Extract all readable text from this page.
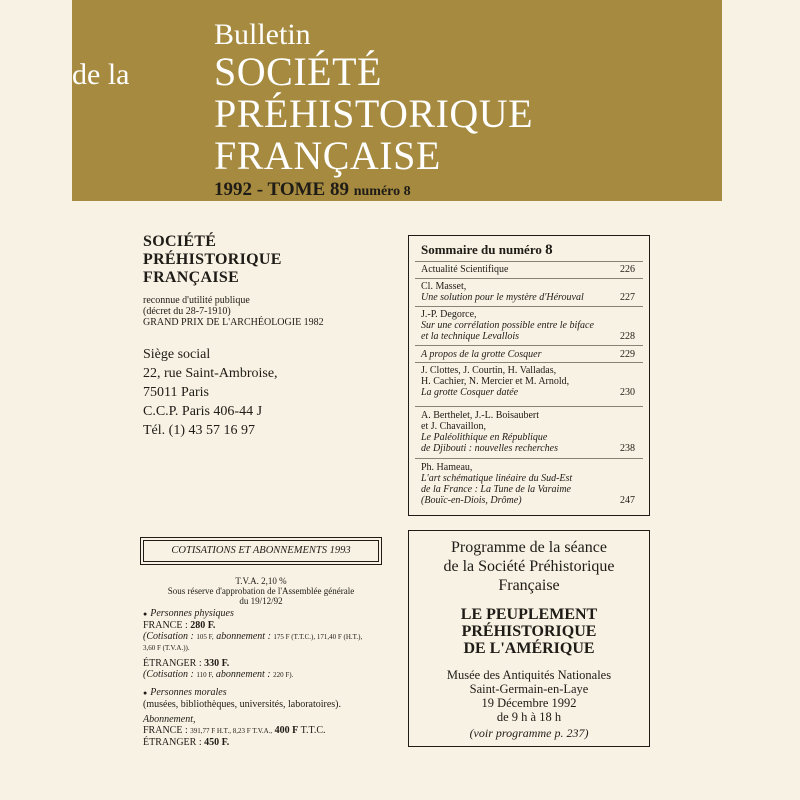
Bulletin
de la SOCIÉTÉ
PRÉHISTORIQUE
FRANÇAISE
1992 - TOME 89 numéro 8
SOCIÉTÉ
PRÉHISTORIQUE
FRANÇAISE
reconnue d'utilité publique
(décret du 28-7-1910)
GRAND PRIX DE L'ARCHÉOLOGIE 1982
Siège social
22, rue Saint-Ambroise,
75011 Paris
C.C.P. Paris 406-44 J
Tél. (1) 43 57 16 97
COTISATIONS ET ABONNEMENTS 1993
T.V.A. 2,10 %
Sous réserve d'approbation de l'Assemblée générale
du 19/12/92
● Personnes physiques
FRANCE : 280 F.
(Cotisation : 105 F, abonnement : 175 F (T.T.C.), 171,40 F (H.T.),
3,60 F (T.V.A.)).
ÉTRANGER : 330 F.
(Cotisation : 110 F, abonnement : 220 F).
● Personnes morales
(musées, bibliothèques, universités, laboratoires).
Abonnement,
FRANCE : 391,77 F H.T., 8,23 F T.V.A., 400 F T.T.C.
ÉTRANGER : 450 F.
Sommaire du numéro 8
Actualité Scientifique	226
Cl. Masset,
Une solution pour le mystère d'Hérouval	227
J.-P. Degorce,
Sur une corrélation possible entre le biface
et la technique Levallois	228
A propos de la grotte Cosquer	229
J. Clottes, J. Courtin, H. Valladas,
H. Cachier, N. Mercier et M. Arnold,
La grotte Cosquer datée	230
A. Berthelet, J.-L. Boisaubert
et J. Chavaillon,
Le Paléolithique en République
de Djibouti : nouvelles recherches	238
Ph. Hameau,
L'art schématique linéaire du Sud-Est
de la France : La Tune de la Varaime
(Bouïc-en-Diois, Drôme)	247
Programme de la séance
de la Société Préhistorique
Française
LE PEUPLEMENT
PRÉHISTORIQUE
DE L'AMÉRIQUE
Musée des Antiquités Nationales
Saint-Germain-en-Laye
19 Décembre 1992
de 9 h à 18 h
(voir programme p. 237)
